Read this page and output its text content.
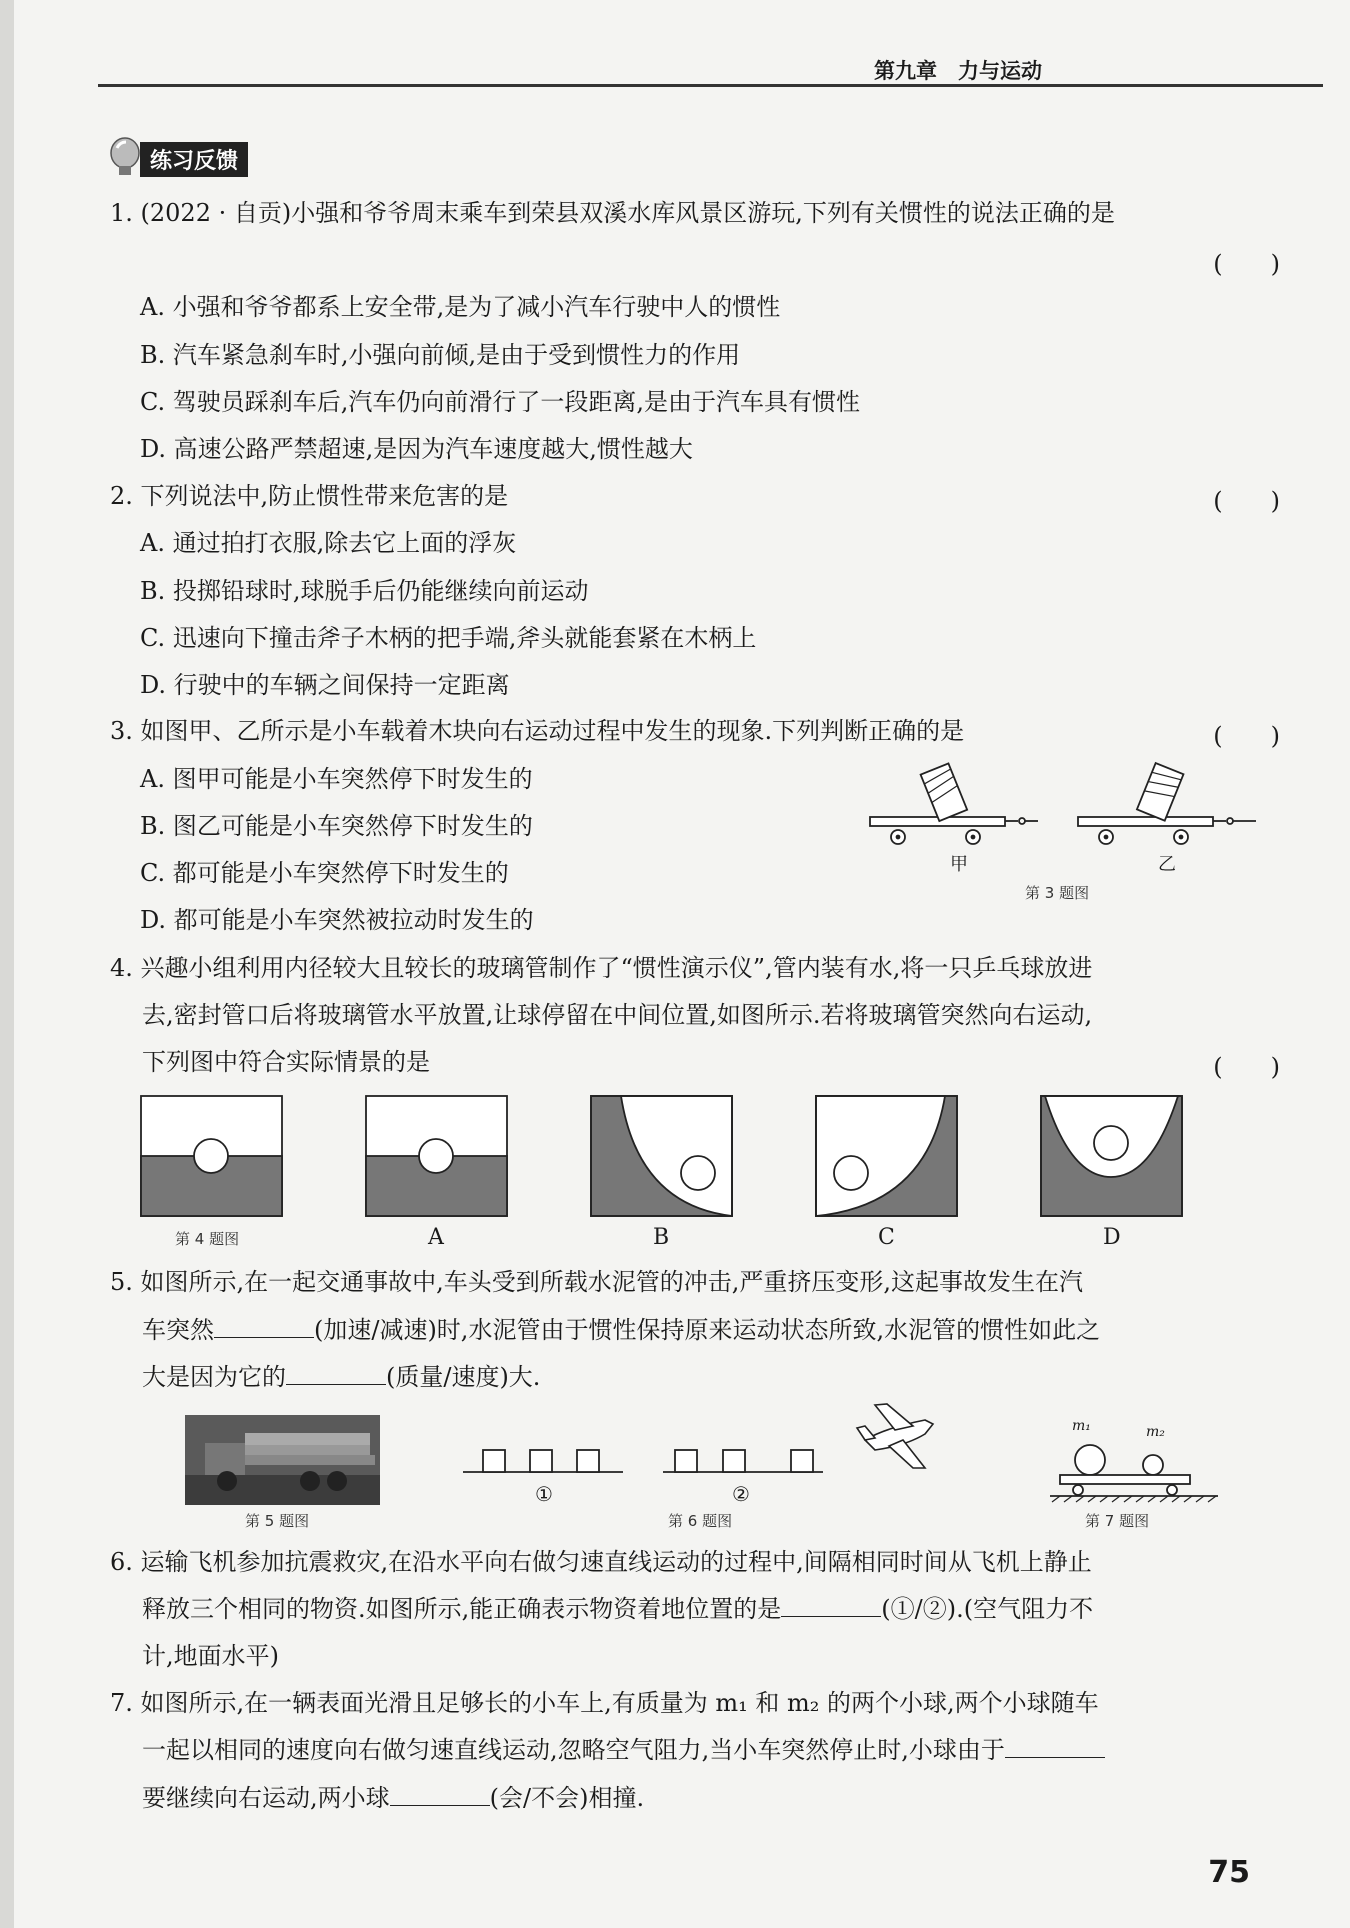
第九章　力与运动
练习反馈
1. (2022 · 自贡)小强和爷爷周末乘车到荣县双溪水库风景区游玩,下列有关惯性的说法正确的是
(　　)
A. 小强和爷爷都系上安全带,是为了减小汽车行驶中人的惯性
B. 汽车紧急刹车时,小强向前倾,是由于受到惯性力的作用
C. 驾驶员踩刹车后,汽车仍向前滑行了一段距离,是由于汽车具有惯性
D. 高速公路严禁超速,是因为汽车速度越大,惯性越大
2. 下列说法中,防止惯性带来危害的是	(　　)
A. 通过拍打衣服,除去它上面的浮灰
B. 投掷铅球时,球脱手后仍能继续向前运动
C. 迅速向下撞击斧子木柄的把手端,斧头就能套紧在木柄上
D. 行驶中的车辆之间保持一定距离
3. 如图甲、乙所示是小车载着木块向右运动过程中发生的现象.下列判断正确的是	(　　)
A. 图甲可能是小车突然停下时发生的
B. 图乙可能是小车突然停下时发生的
C. 都可能是小车突然停下时发生的
D. 都可能是小车突然被拉动时发生的
甲	乙
第 3 题图
4. 兴趣小组利用内径较大且较长的玻璃管制作了“惯性演示仪”,管内装有水,将一只乒乓球放进
去,密封管口后将玻璃管水平放置,让球停留在中间位置,如图所示.若将玻璃管突然向右运动,
下列图中符合实际情景的是	(　　)
第 4 题图	A	B	C	D
5. 如图所示,在一起交通事故中,车头受到所载水泥管的冲击,严重挤压变形,这起事故发生在汽
车突然	(加速/减速)时,水泥管由于惯性保持原来运动状态所致,水泥管的惯性如此之
大是因为它的	(质量/速度)大.
第 5 题图
①	②
第 6 题图
m₁	m₂
第 7 题图
6. 运输飞机参加抗震救灾,在沿水平向右做匀速直线运动的过程中,间隔相同时间从飞机上静止
释放三个相同的物资.如图所示,能正确表示物资着地位置的是	(①/②).(空气阻力不
计,地面水平)
7. 如图所示,在一辆表面光滑且足够长的小车上,有质量为 m₁ 和 m₂ 的两个小球,两个小球随车
一起以相同的速度向右做匀速直线运动,忽略空气阻力,当小车突然停止时,小球由于
要继续向右运动,两小球	(会/不会)相撞.
75
